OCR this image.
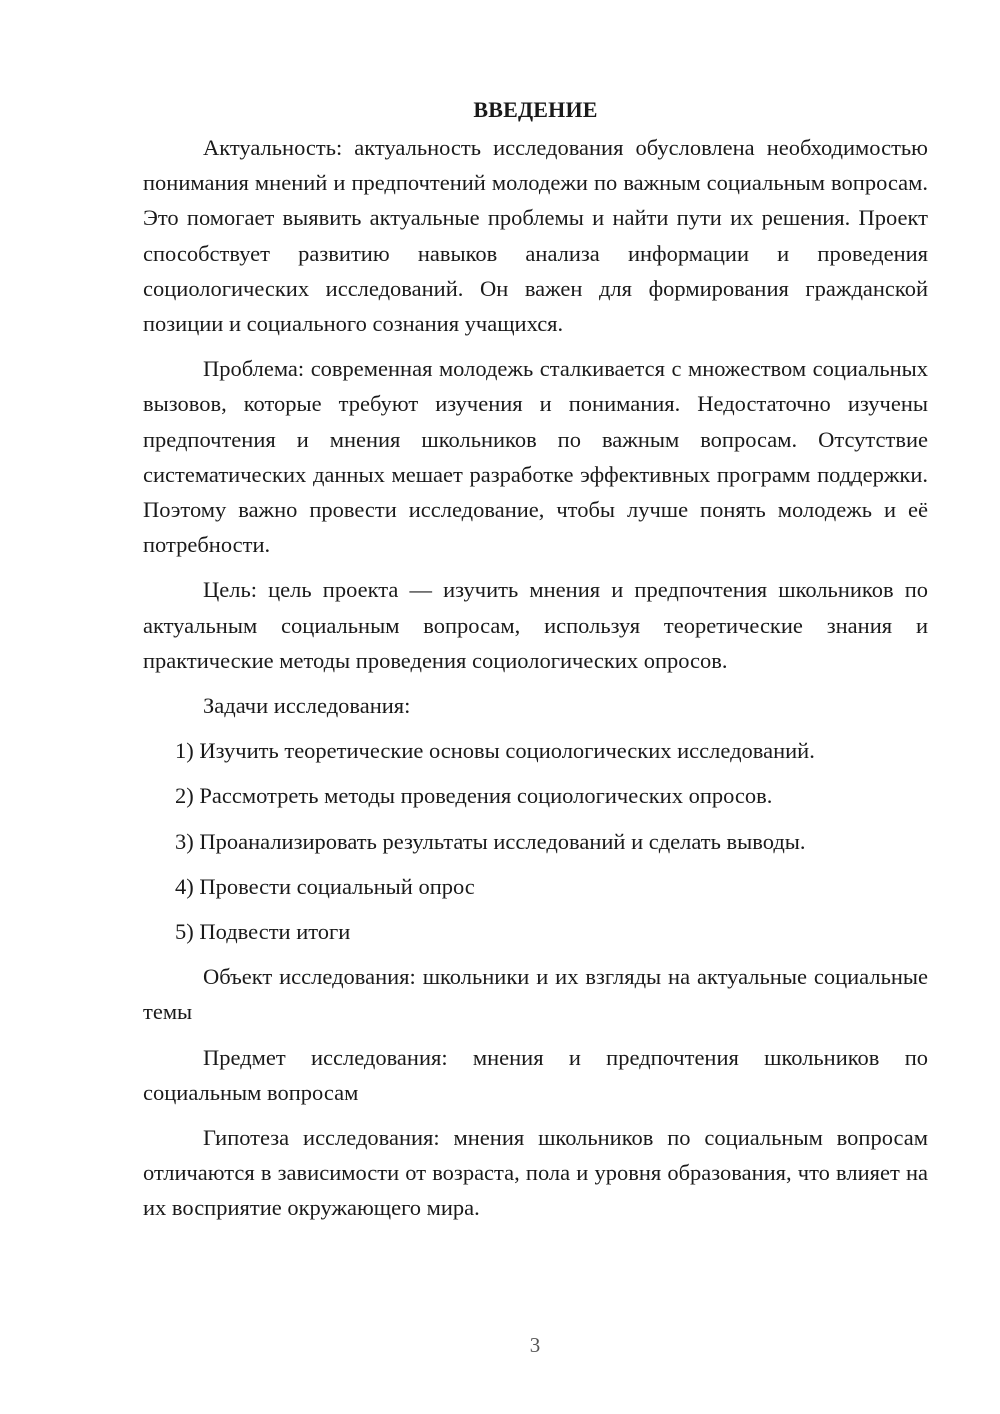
ВВЕДЕНИЕ

Актуальность: актуальность исследования обусловлена необходимостью понимания мнений и предпочтений молодежи по важным социальным вопросам. Это помогает выявить актуальные проблемы и найти пути их решения. Проект способствует развитию навыков анализа информации и проведения социологических исследований. Он важен для формирования гражданской позиции и социального сознания учащихся.

Проблема: современная молодежь сталкивается с множеством социальных вызовов, которые требуют изучения и понимания. Недостаточно изучены предпочтения и мнения школьников по важным вопросам. Отсутствие систематических данных мешает разработке эффективных программ поддержки. Поэтому важно провести исследование, чтобы лучше понять молодежь и её потребности.

Цель: цель проекта — изучить мнения и предпочтения школьников по актуальным социальным вопросам, используя теоретические знания и практические методы проведения социологических опросов.

Задачи исследования:

1) Изучить теоретические основы социологических исследований.
2) Рассмотреть методы проведения социологических опросов.
3) Проанализировать результаты исследований и сделать выводы.
4) Провести социальный опрос
5) Подвести итоги

Объект исследования: школьники и их взгляды на актуальные социальные темы

Предмет исследования: мнения и предпочтения школьников по социальным вопросам

Гипотеза исследования: мнения школьников по социальным вопросам отличаются в зависимости от возраста, пола и уровня образования, что влияет на их восприятие окружающего мира.

3
